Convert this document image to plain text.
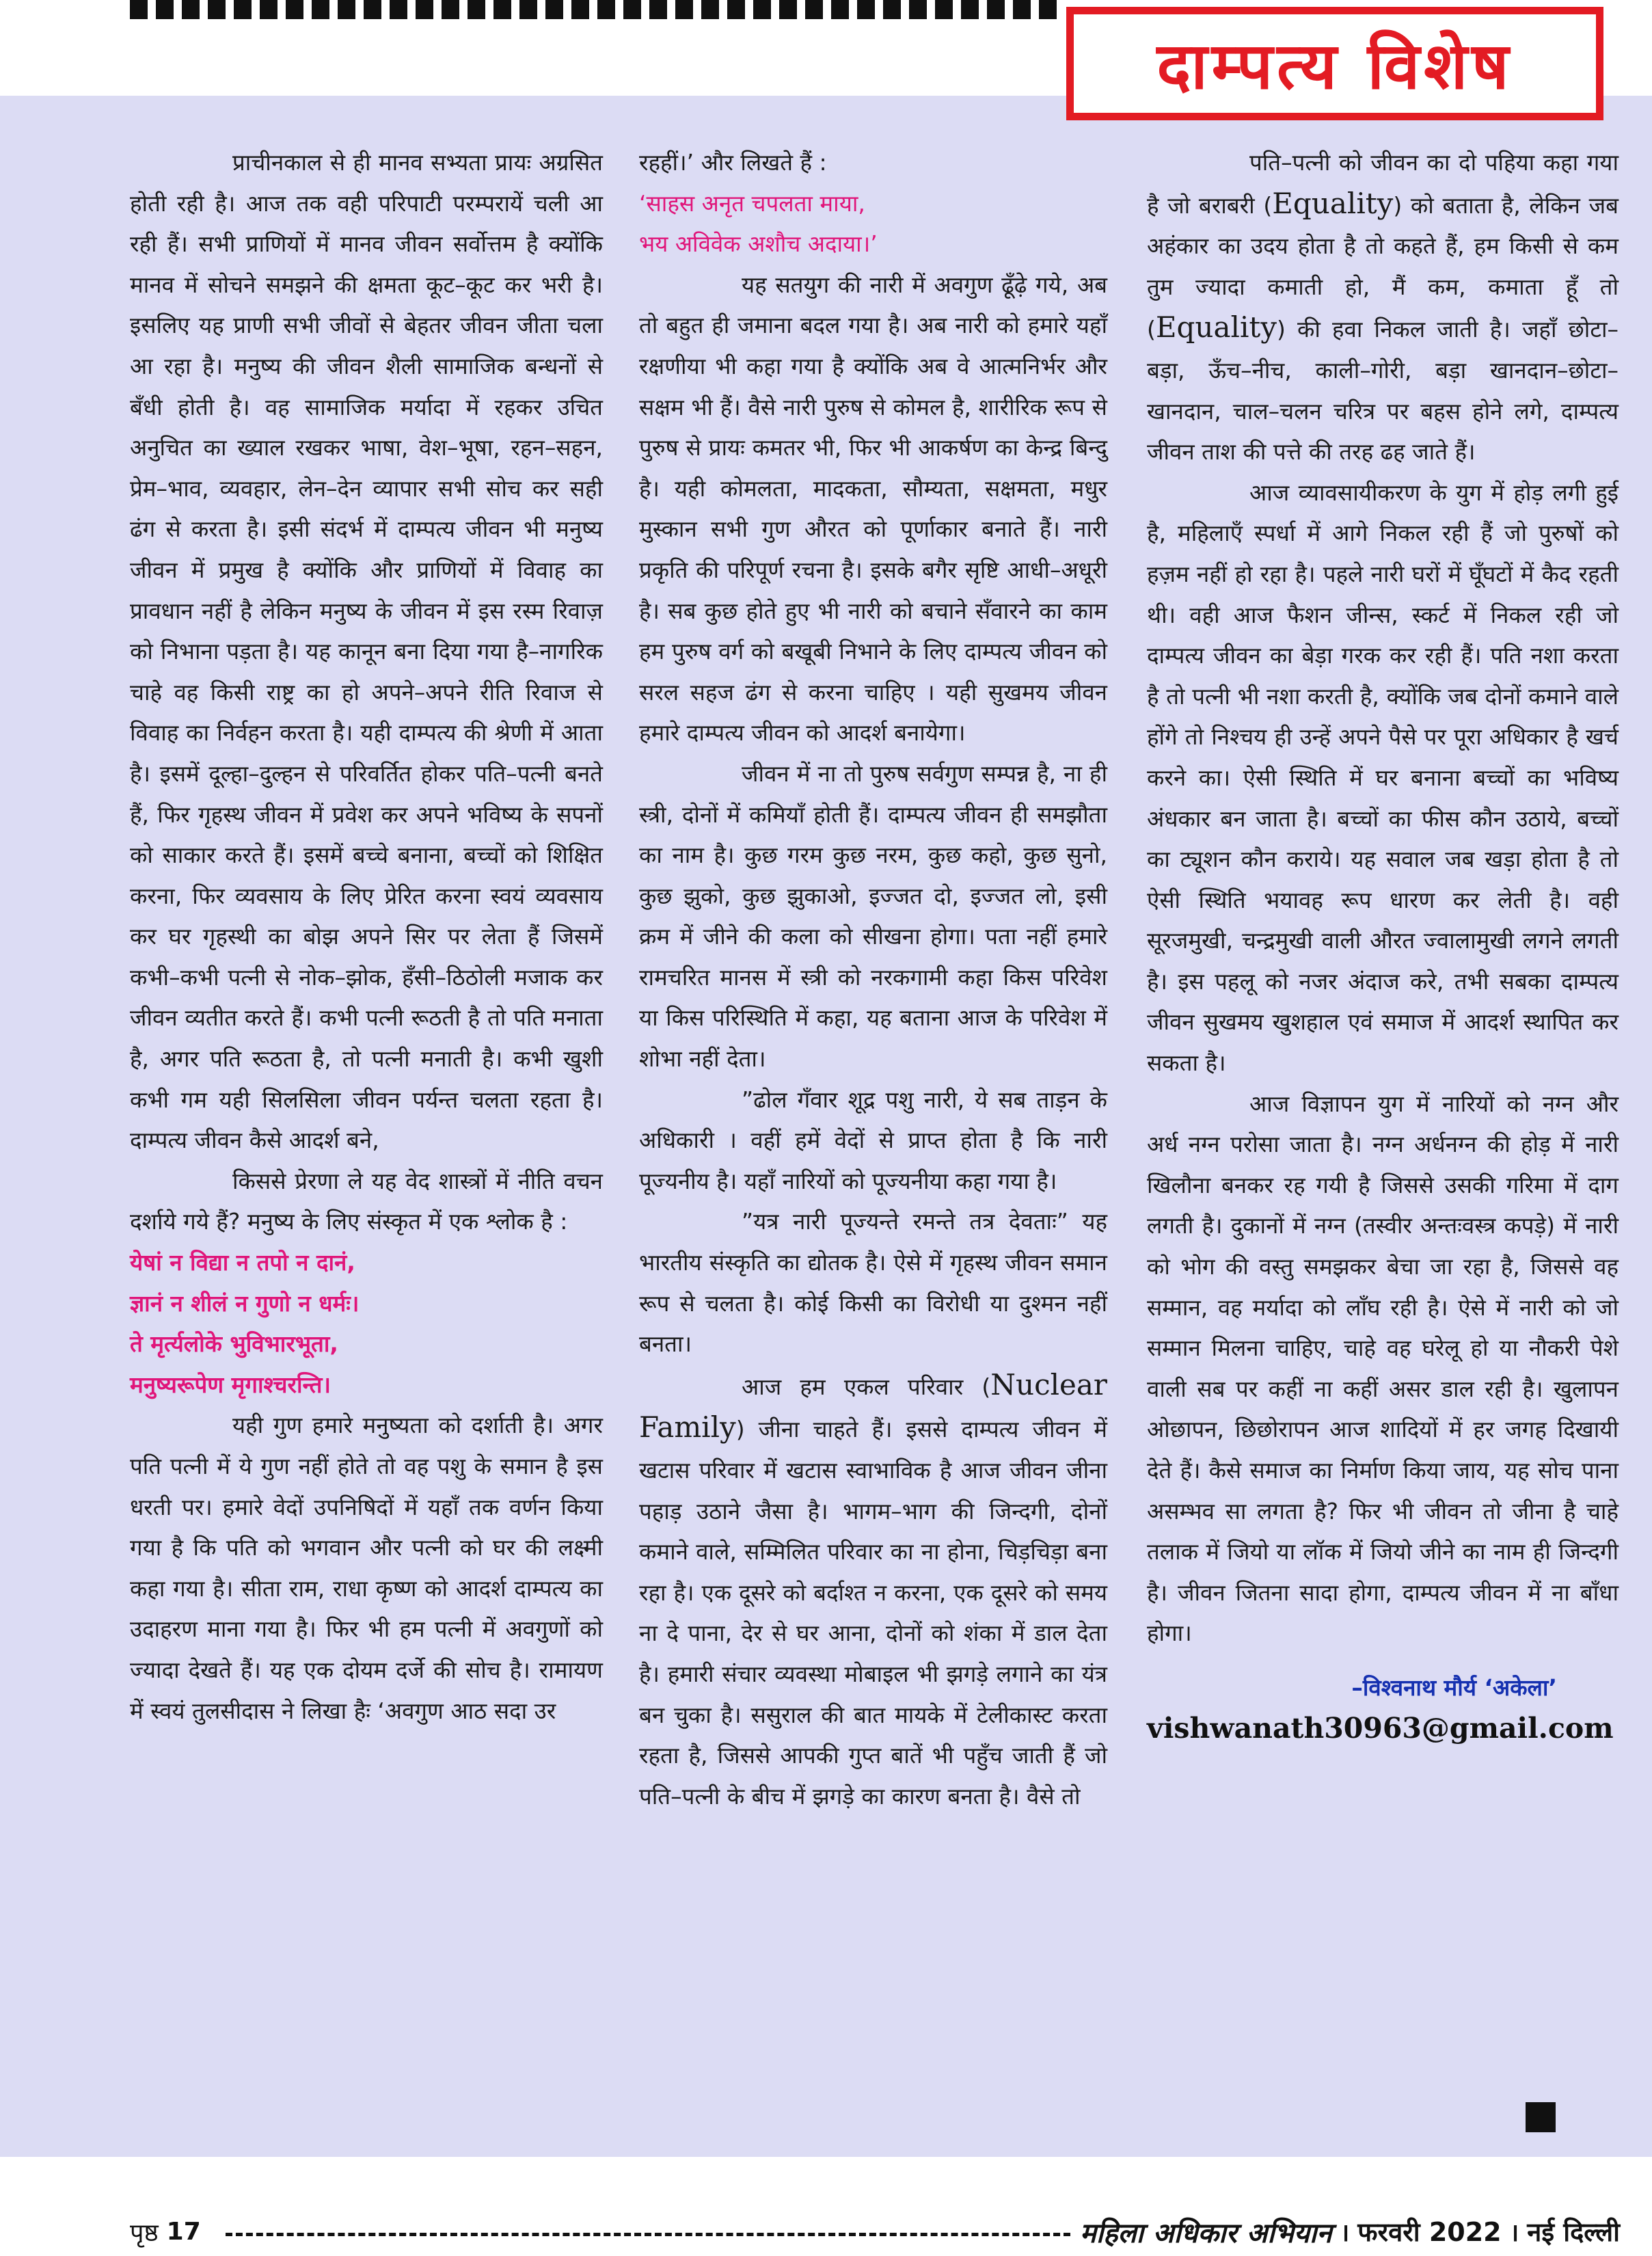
दाम्पत्य विशेष

प्राचीनकाल से ही मानव सभ्यता प्रायः अग्रसित होती रही है। आज तक वही परिपाटी परम्परायें चली आ रही हैं। सभी प्राणियों में मानव जीवन सर्वोत्तम है क्योंकि मानव में सोचने समझने की क्षमता कूट–कूट कर भरी है। इसलिए यह प्राणी सभी जीवों से बेहतर जीवन जीता चला आ रहा है। मनुष्य की जीवन शैली सामाजिक बन्धनों से बँधी होती है। वह सामाजिक मर्यादा में रहकर उचित अनुचित का ख्याल रखकर भाषा, वेश–भूषा, रहन–सहन, प्रेम–भाव, व्यवहार, लेन–देन व्यापार सभी सोच कर सही ढंग से करता है। इसी संदर्भ में दाम्पत्य जीवन भी मनुष्य जीवन में प्रमुख है क्योंकि और प्राणियों में विवाह का प्रावधान नहीं है लेकिन मनुष्य के जीवन में इस रस्म रिवाज़ को निभाना पड़ता है। यह कानून बना दिया गया है–नागरिक चाहे वह किसी राष्ट्र का हो अपने–अपने रीति रिवाज से विवाह का निर्वहन करता है। यही दाम्पत्य की श्रेणी में आता है। इसमें दूल्हा–दुल्हन से परिवर्तित होकर पति–पत्नी बनते हैं, फिर गृहस्थ जीवन में प्रवेश कर अपने भविष्य के सपनों को साकार करते हैं। इसमें बच्चे बनाना, बच्चों को शिक्षित करना, फिर व्यवसाय के लिए प्रेरित करना स्वयं व्यवसाय कर घर गृहस्थी का बोझ अपने सिर पर लेता हैं जिसमें कभी–कभी पत्नी से नोक–झोक, हँसी–ठिठोली मजाक कर जीवन व्यतीत करते हैं। कभी पत्नी रूठती है तो पति मनाता है, अगर पति रूठता है, तो पत्नी मनाती है। कभी खुशी कभी गम यही सिलसिला जीवन पर्यन्त चलता रहता है। दाम्पत्य जीवन कैसे आदर्श बने,

किससे प्रेरणा ले यह वेद शास्त्रों में नीति वचन दर्शाये गये हैं? मनुष्य के लिए संस्कृत में एक श्लोक है :

येषां न विद्या न तपो न दानं,

ज्ञानं न शीलं न गुणो न धर्मः।

ते मृर्त्यलोके भुविभारभूता,

मनुष्यरूपेण मृगाश्चरन्ति।

यही गुण हमारे मनुष्यता को दर्शाती है। अगर पति पत्नी में ये गुण नहीं होते तो वह पशु के समान है इस धरती पर। हमारे वेदों उपनिषिदों में यहाँ तक वर्णन किया गया है कि पति को भगवान और पत्नी को घर की लक्ष्मी कहा गया है। सीता राम, राधा कृष्ण को आदर्श दाम्पत्य का उदाहरण माना गया है। फिर भी हम पत्नी में अवगुणों को ज्यादा देखते हैं। यह एक दोयम दर्जे की सोच है। रामायण में स्वयं तुलसीदास ने लिखा हैः ‘अवगुण आठ सदा उर

रहहीं।’ और लिखते हैं :

‘साहस अनृत चपलता माया,

भय अविवेक अशौच अदाया।’

यह सतयुग की नारी में अवगुण ढूँढ़े गये, अब तो बहुत ही जमाना बदल गया है। अब नारी को हमारे यहाँ रक्षणीया भी कहा गया है क्योंकि अब वे आत्मनिर्भर और सक्षम भी हैं। वैसे नारी पुरुष से कोमल है, शारीरिक रूप से पुरुष से प्रायः कमतर भी, फिर भी आकर्षण का केन्द्र बिन्दु है। यही कोमलता, मादकता, सौम्यता, सक्षमता, मधुर मुस्कान सभी गुण औरत को पूर्णाकार बनाते हैं। नारी प्रकृति की परिपूर्ण रचना है। इसके बगैर सृष्टि आधी–अधूरी है। सब कुछ होते हुए भी नारी को बचाने सँवारने का काम हम पुरुष वर्ग को बखूबी निभाने के लिए दाम्पत्य जीवन को सरल सहज ढंग से करना चाहिए । यही सुखमय जीवन हमारे दाम्पत्य जीवन को आदर्श बनायेगा।

जीवन में ना तो पुरुष सर्वगुण सम्पन्न है, ना ही स्त्री, दोनों में कमियाँ होती हैं। दाम्पत्य जीवन ही समझौता का नाम है। कुछ गरम कुछ नरम, कुछ कहो, कुछ सुनो, कुछ झुको, कुछ झुकाओ, इज्जत दो, इज्जत लो, इसी क्रम में जीने की कला को सीखना होगा। पता नहीं हमारे रामचरित मानस में स्त्री को नरकगामी कहा किस परिवेश या किस परिस्थिति में कहा, यह बताना आज के परिवेश में शोभा नहीं देता।

”ढोल गँवार शूद्र पशु नारी, ये सब ताड़न के अधिकारी । वहीं हमें वेदों से प्राप्त होता है कि नारी पूज्यनीय है। यहाँ नारियों को पूज्यनीया कहा गया है।

”यत्र नारी पूज्यन्ते रमन्ते तत्र देवताः” यह भारतीय संस्कृति का द्योतक है। ऐसे में गृहस्थ जीवन समान रूप से चलता है। कोई किसी का विरोधी या दुश्मन नहीं बनता।

आज हम एकल परिवार (Nuclear Family) जीना चाहते हैं। इससे दाम्पत्य जीवन में खटास परिवार में खटास स्वाभाविक है आज जीवन जीना पहाड़ उठाने जैसा है। भागम–भाग की जिन्दगी, दोनों कमाने वाले, सम्मिलित परिवार का ना होना, चिड़चिड़ा बना रहा है। एक दूसरे को बर्दाश्त न करना, एक दूसरे को समय ना दे पाना, देर से घर आना, दोनों को शंका में डाल देता है। हमारी संचार व्यवस्था मोबाइल भी झगड़े लगाने का यंत्र बन चुका है। ससुराल की बात मायके में टेलीकास्ट करता रहता है, जिससे आपकी गुप्त बातें भी पहुँच जाती हैं जो पति–पत्नी के बीच में झगड़े का कारण बनता है। वैसे तो

पति–पत्नी को जीवन का दो पहिया कहा गया है जो बराबरी (Equality) को बताता है, लेकिन जब अहंकार का उदय होता है तो कहते हैं, हम किसी से कम तुम ज्यादा कमाती हो, मैं कम, कमाता हूँ तो (Equality) की हवा निकल जाती है। जहाँ छोटा–बड़ा, ऊँच–नीच, काली–गोरी, बड़ा खानदान–छोटा–खानदान, चाल–चलन चरित्र पर बहस होने लगे, दाम्पत्य जीवन ताश की पत्ते की तरह ढह जाते हैं।

आज व्यावसायीकरण के युग में होड़ लगी हुई है, महिलाएँ स्पर्धा में आगे निकल रही हैं जो पुरुषों को हज़म नहीं हो रहा है। पहले नारी घरों में घूँघटों में कैद रहती थी। वही आज फैशन जीन्स, स्कर्ट में निकल रही जो दाम्पत्य जीवन का बेड़ा गरक कर रही हैं। पति नशा करता है तो पत्नी भी नशा करती है, क्योंकि जब दोनों कमाने वाले होंगे तो निश्चय ही उन्हें अपने पैसे पर पूरा अधिकार है खर्च करने का। ऐसी स्थिति में घर बनाना बच्चों का भविष्य अंधकार बन जाता है। बच्चों का फीस कौन उठाये, बच्चों का ट्यूशन कौन कराये। यह सवाल जब खड़ा होता है तो ऐसी स्थिति भयावह रूप धारण कर लेती है। वही सूरजमुखी, चन्द्रमुखी वाली औरत ज्वालामुखी लगने लगती है। इस पहलू को नजर अंदाज करे, तभी सबका दाम्पत्य जीवन सुखमय खुशहाल एवं समाज में आदर्श स्थापित कर सकता है।

आज विज्ञापन युग में नारियों को नग्न और अर्ध नग्न परोसा जाता है। नग्न अर्धनग्न की होड़ में नारी खिलौना बनकर रह गयी है जिससे उसकी गरिमा में दाग लगती है। दुकानों में नग्न (तस्वीर अन्तःवस्त्र कपड़े) में नारी को भोग की वस्तु समझकर बेचा जा रहा है, जिससे वह सम्मान, वह मर्यादा को लाँघ रही है। ऐसे में नारी को जो सम्मान मिलना चाहिए, चाहे वह घरेलू हो या नौकरी पेशे वाली सब पर कहीं ना कहीं असर डाल रही है। खुलापन ओछापन, छिछोरापन आज शादियों में हर जगह दिखायी देते हैं। कैसे समाज का निर्माण किया जाय, यह सोच पाना असम्भव सा लगता है? फिर भी जीवन तो जीना है चाहे तलाक में जियो या लॉक में जियो जीने का नाम ही जिन्दगी है। जीवन जितना सादा होगा, दाम्पत्य जीवन में ना बाँधा होगा।

–विश्वनाथ मौर्य ‘अकेला’

vishwanath30963@gmail.com

पृष्ठ 17	महिला अधिकार अभियान । फरवरी 2022 । नई दिल्ली
